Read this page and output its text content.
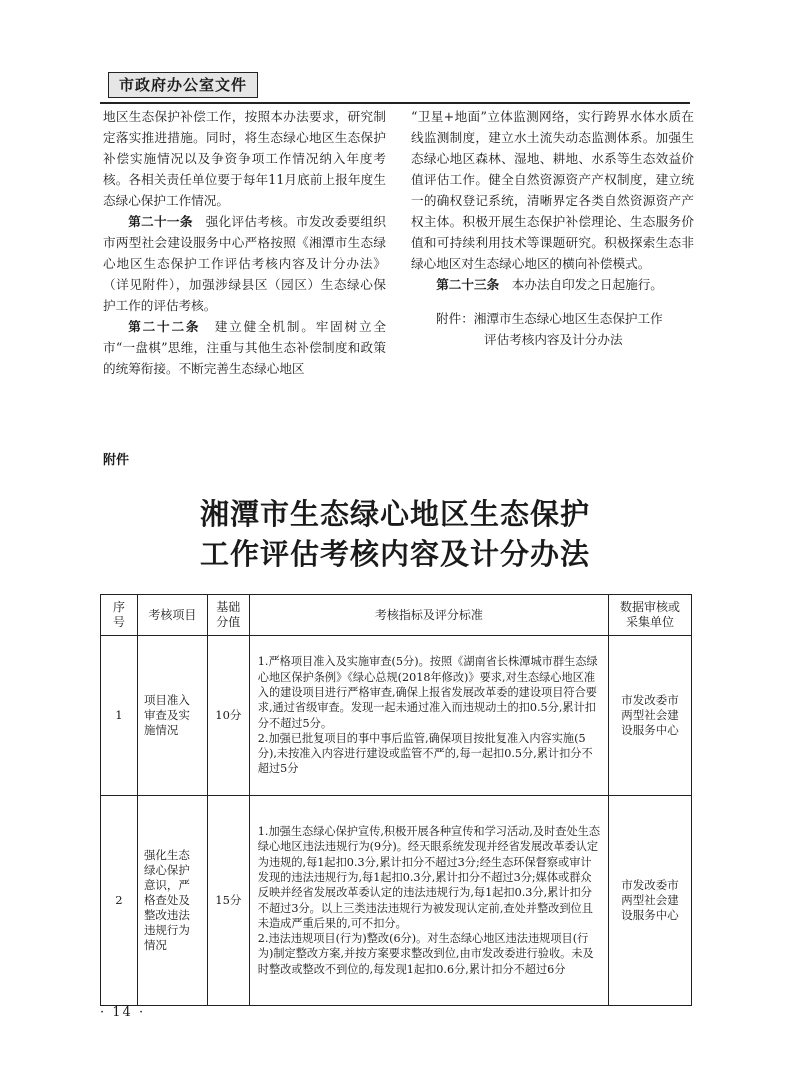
市政府办公室文件

地区生态保护补偿工作，按照本办法要求，研究制定落实推进措施。同时，将生态绿心地区生态保护补偿实施情况以及争资争项工作情况纳入年度考核。各相关责任单位要于每年11月底前上报年度生态绿心保护工作情况。

第二十一条　强化评估考核。市发改委要组织市两型社会建设服务中心严格按照《湘潭市生态绿心地区生态保护工作评估考核内容及计分办法》（详见附件），加强涉绿县区（园区）生态绿心保护工作的评估考核。

第二十二条　建立健全机制。牢固树立全市“一盘棋”思维，注重与其他生态补偿制度和政策的统筹衔接。不断完善生态绿心地区

“卫星+地面”立体监测网络，实行跨界水体水质在线监测制度，建立水土流失动态监测体系。加强生态绿心地区森林、湿地、耕地、水系等生态效益价值评估工作。健全自然资源资产产权制度，建立统一的确权登记系统，清晰界定各类自然资源资产产权主体。积极开展生态保护补偿理论、生态服务价值和可持续利用技术等课题研究。积极探索生态非绿心地区对生态绿心地区的横向补偿模式。

第二十三条　本办法自印发之日起施行。

附件：湘潭市生态绿心地区生态保护工作

评估考核内容及计分办法

附件
湘潭市生态绿心地区生态保护
工作评估考核内容及计分办法
序号	考核项目	基础分值	考核指标及评分标准	数据审核或采集单位
1	项目准入审查及实施情况	10分	1.严格项目准入及实施审查(5分)。按照《湖南省长株潭城市群生态绿心地区保护条例》《绿心总规(2018年修改)》要求,对生态绿心地区准入的建设项目进行严格审查,确保上报省发展改革委的建设项目符合要求,通过省级审查。发现一起未通过准入而违规动土的扣0.5分,累计扣分不超过5分。
2.加强已批复项目的事中事后监管,确保项目按批复准入内容实施(5分),未按准入内容进行建设或监管不严的,每一起扣0.5分,累计扣分不超过5分	市发改委市两型社会建设服务中心
2	强化生态绿心保护意识，严格查处及整改违法违规行为情况	15分	1.加强生态绿心保护宣传,积极开展各种宣传和学习活动,及时查处生态绿心地区违法违规行为(9分)。经天眼系统发现并经省发展改革委认定为违规的,每1起扣0.3分,累计扣分不超过3分;经生态环保督察或审计发现的违法违规行为,每1起扣0.3分,累计扣分不超过3分;媒体或群众反映并经省发展改革委认定的违法违规行为,每1起扣0.3分,累计扣分不超过3分。以上三类违法违规行为被发现认定前,查处并整改到位且未造成严重后果的,可不扣分。
2.违法违规项目(行为)整改(6分)。对生态绿心地区违法违规项目(行为)制定整改方案,并按方案要求整改到位,由市发改委进行验收。未及时整改或整改不到位的,每发现1起扣0.6分,累计扣分不超过6分	市发改委市两型社会建设服务中心
· 14 ·
